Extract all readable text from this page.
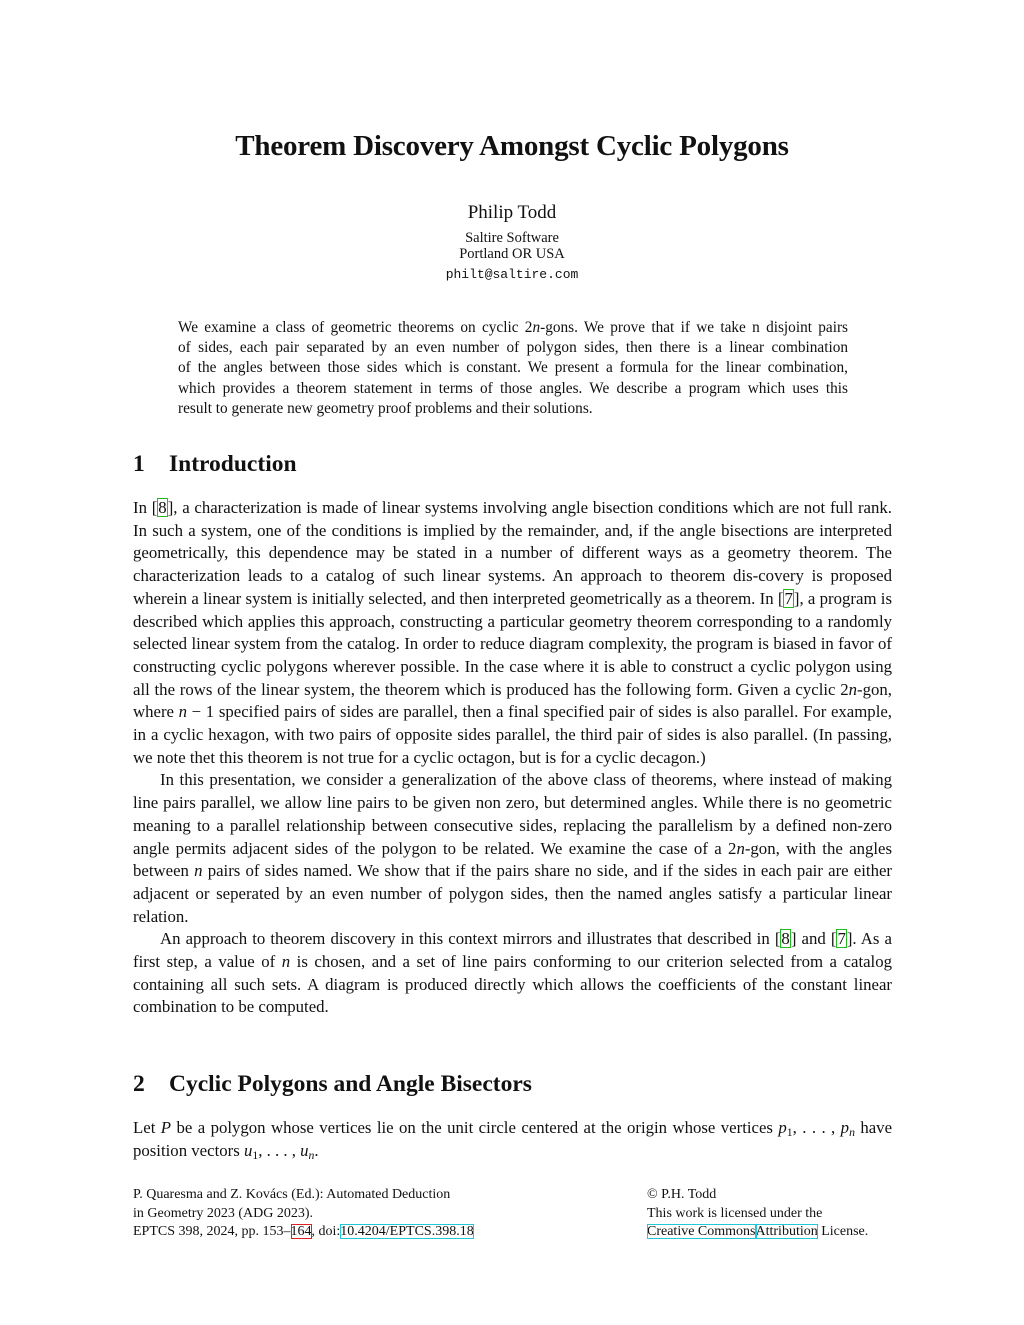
Theorem Discovery Amongst Cyclic Polygons
Philip Todd
Saltire Software
Portland OR USA
philt@saltire.com
We examine a class of geometric theorems on cyclic 2n-gons. We prove that if we take n disjoint pairs
of sides, each pair separated by an even number of polygon sides, then there is a linear combination
of the angles between those sides which is constant. We present a formula for the linear combination,
which provides a theorem statement in terms of those angles. We describe a program which uses this
result to generate new geometry proof problems and their solutions.
1 Introduction

In [8], a characterization is made of linear systems involving angle bisection conditions which are not full rank. In such a system, one of the conditions is implied by the remainder, and, if the angle bisections are interpreted geometrically, this dependence may be stated in a number of different ways as a geometry theorem. The characterization leads to a catalog of such linear systems. An approach to theorem dis-covery is proposed wherein a linear system is initially selected, and then interpreted geometrically as a theorem. In [7], a program is described which applies this approach, constructing a particular geometry theorem corresponding to a randomly selected linear system from the catalog. In order to reduce diagram complexity, the program is biased in favor of constructing cyclic polygons wherever possible. In the case where it is able to construct a cyclic polygon using all the rows of the linear system, the theorem which is produced has the following form. Given a cyclic 2n-gon, where n − 1 specified pairs of sides are parallel, then a final specified pair of sides is also parallel. For example, in a cyclic hexagon, with two pairs of opposite sides parallel, the third pair of sides is also parallel. (In passing, we note thet this theorem is not true for a cyclic octagon, but is for a cyclic decagon.)

In this presentation, we consider a generalization of the above class of theorems, where instead of making line pairs parallel, we allow line pairs to be given non zero, but determined angles. While there is no geometric meaning to a parallel relationship between consecutive sides, replacing the parallelism by a defined non-zero angle permits adjacent sides of the polygon to be related. We examine the case of a 2n-gon, with the angles between n pairs of sides named. We show that if the pairs share no side, and if the sides in each pair are either adjacent or seperated by an even number of polygon sides, then the named angles satisfy a particular linear relation.

An approach to theorem discovery in this context mirrors and illustrates that described in [8] and [7]. As a first step, a value of n is chosen, and a set of line pairs conforming to our criterion selected from a catalog containing all such sets. A diagram is produced directly which allows the coefficients of the constant linear combination to be computed.

2 Cyclic Polygons and Angle Bisectors

Let P be a polygon whose vertices lie on the unit circle centered at the origin whose vertices $p_1$, . . . , $p_n$ have position vectors $u_1$, . . . , $u_n$.

P. Quaresma and Z. Kovács (Ed.): Automated Deduction
in Geometry 2023 (ADG 2023).
EPTCS 398, 2024, pp. 153–164, doi:10.4204/EPTCS.398.18
© P.H. Todd
This work is licensed under the
Creative CommonsAttribution License.
